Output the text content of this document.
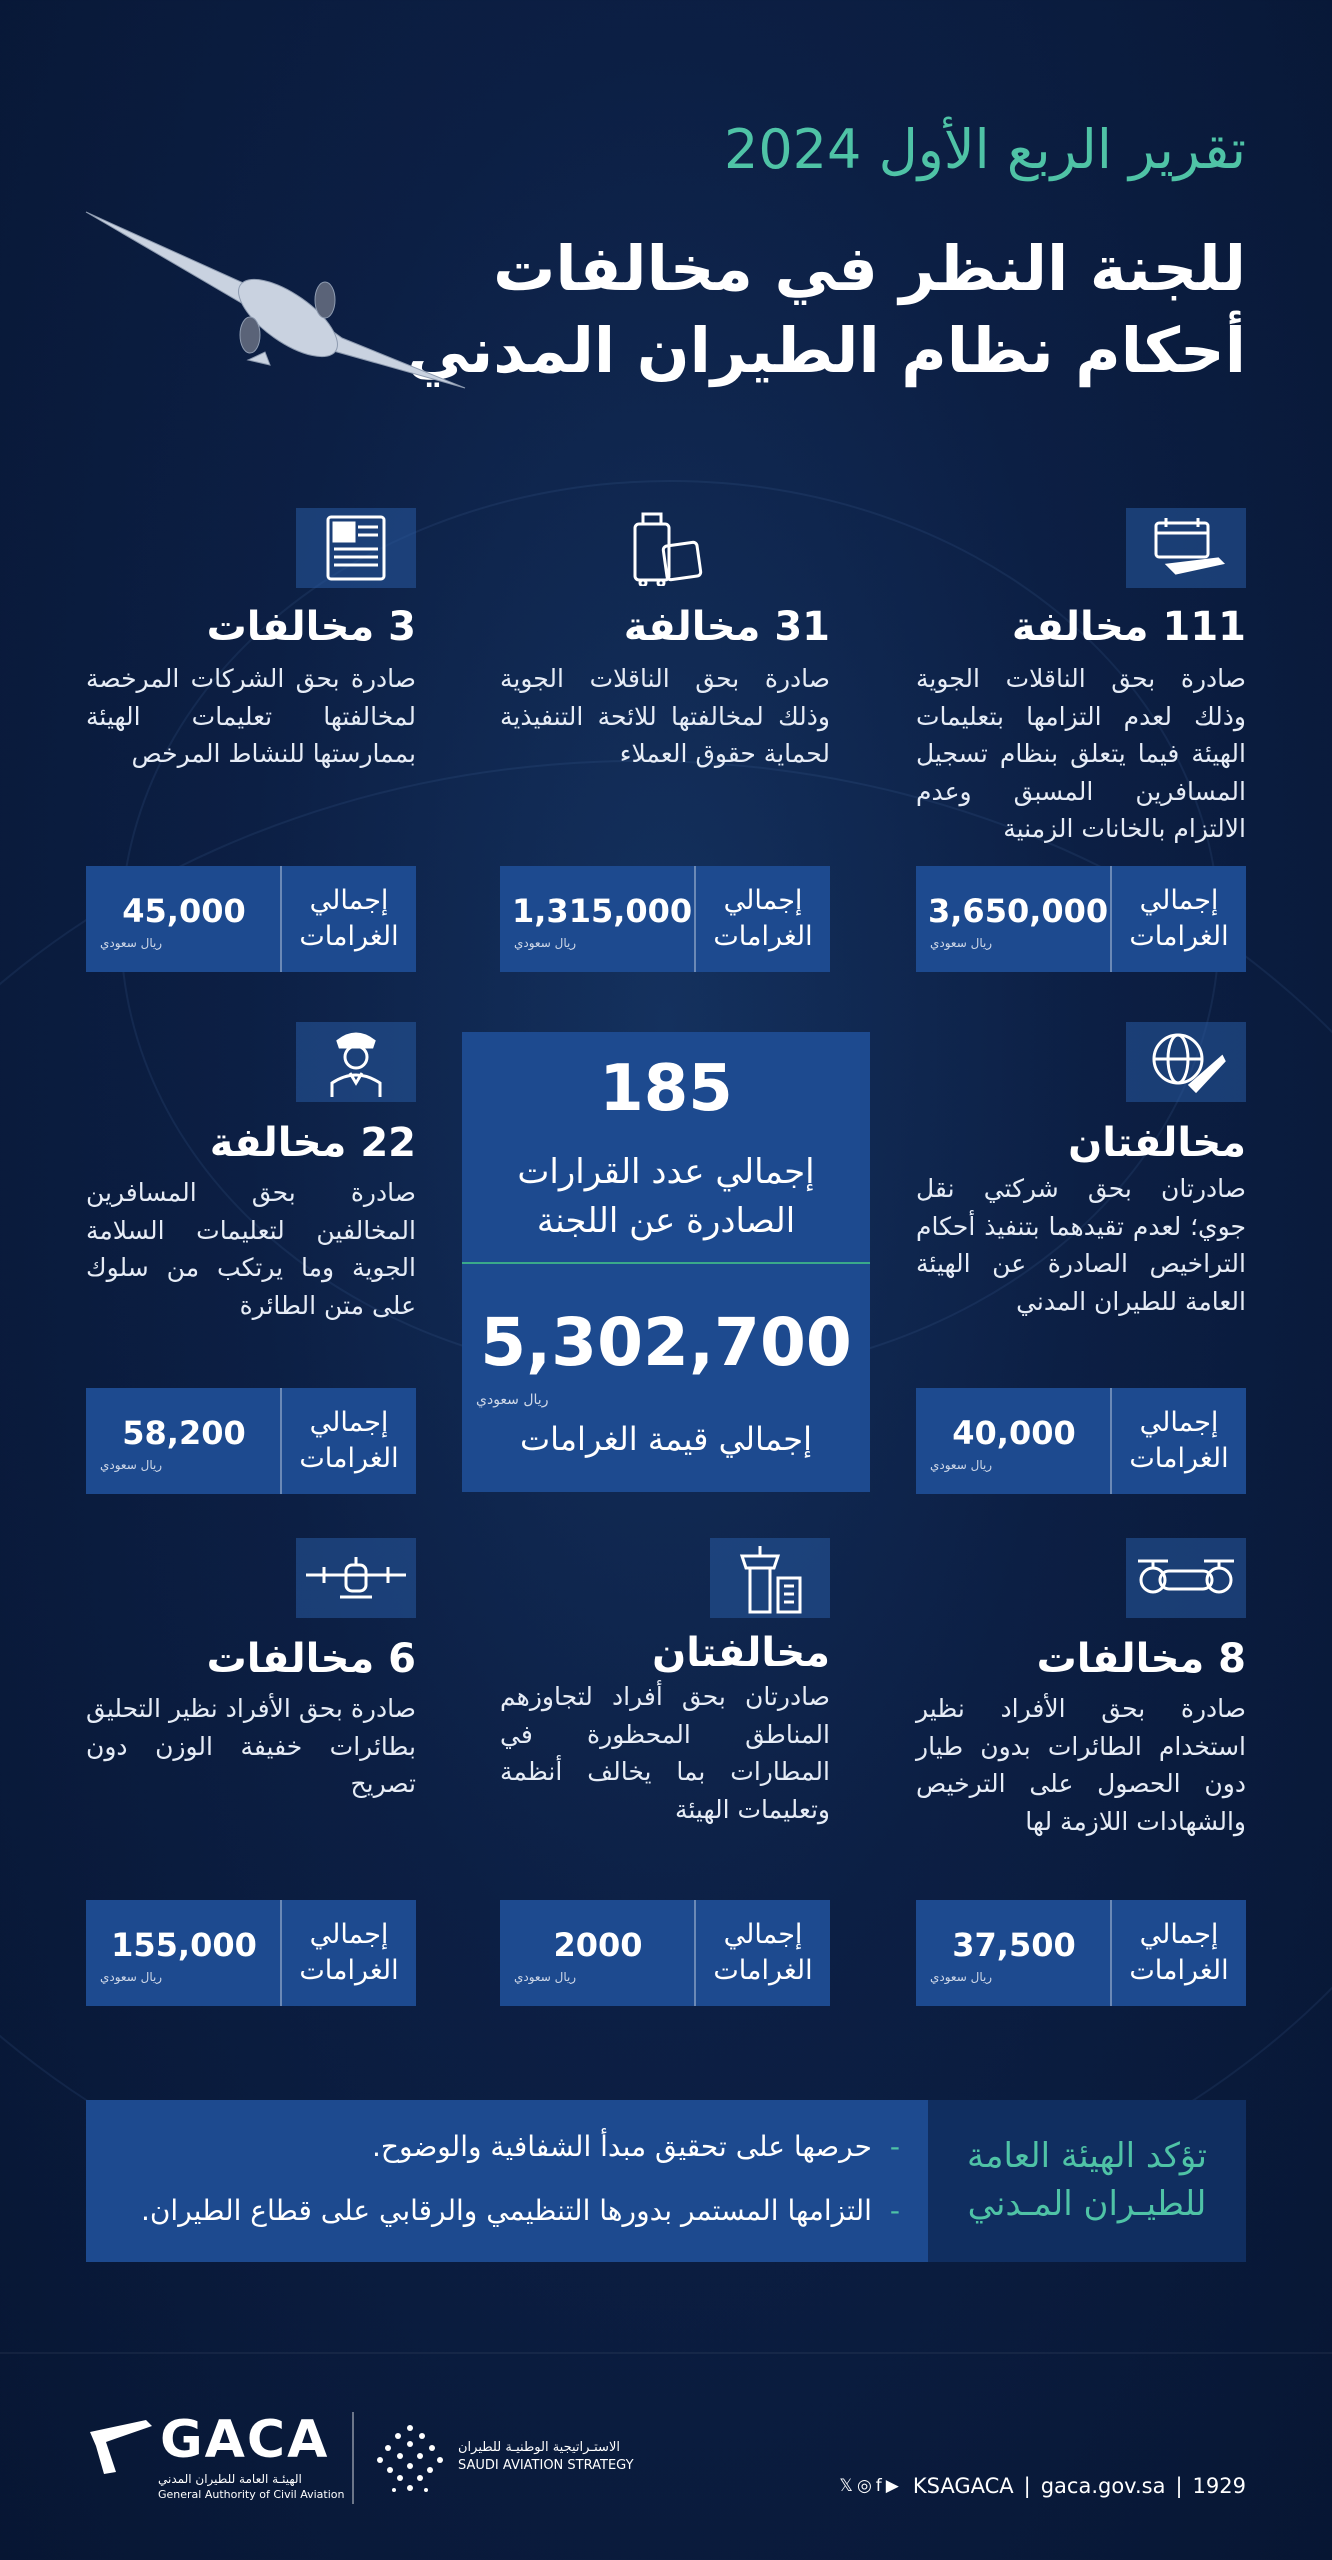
تقرير الربع الأول 2024
للجنة النظر في مخالفات
أحكام نظام الطيران المدني
111 مخالفة
صادرة بحق الناقلات الجوية وذلك لعدم التزامها بتعليمات الهيئة فيما يتعلق بنظام تسجيل المسافرين المسبق وعدم الالتزام بالخانات الزمنية
إجمالي
الغرامات
3,650,000
ريال سعودي
31 مخالفة
صادرة بحق الناقلات الجوية وذلك لمخالفتها للائحة التنفيذية لحماية حقوق العملاء
إجمالي
الغرامات
1,315,000
ريال سعودي
3 مخالفات
صادرة بحق الشركات المرخصة لمخالفتها تعليمات الهيئة بممارستها للنشاط المرخص
إجمالي
الغرامات
45,000
ريال سعودي
مخالفتان
صادرتان بحق شركتي نقل جوي؛ لعدم تقيدهما بتنفيذ أحكام التراخيص الصادرة عن الهيئة العامة للطيران المدني
إجمالي
الغرامات
40,000
ريال سعودي
185
إجمالي عدد القرارات
الصادرة عن اللجنة
5,302,700
ريال سعودي
إجمالي قيمة الغرامات
22 مخالفة
صادرة بحق المسافرين المخالفين لتعليمات السلامة الجوية وما يرتكب من سلوك على متن الطائرة
إجمالي
الغرامات
58,200
ريال سعودي
8 مخالفات
صادرة بحق الأفراد نظير استخدام الطائرات بدون طيار دون الحصول على الترخيص والشهادات اللازمة لها
إجمالي
الغرامات
37,500
ريال سعودي
مخالفتان
صادرتان بحق أفراد لتجاوزهم المناطق المحظورة في المطارات بما يخالف أنظمة وتعليمات الهيئة
إجمالي
الغرامات
2000
ريال سعودي
6 مخالفات
صادرة بحق الأفراد نظير التحليق بطائرات خفيفة الوزن دون تصريح
إجمالي
الغرامات
155,000
ريال سعودي
تؤكد الهيئة العامة
للطيـران المـدني
-حرصها على تحقيق مبدأ الشفافية والوضوح.
-التزامها المستمر بدورها التنظيمي والرقابي على قطاع الطيران.
GACA
الهيئـة العامة للطيران المدني
General Authority of Civil Aviation
الاستـراتيجية الوطنيـة للطيران
SAUDI AVIATION STRATEGY
𝕏◎f▶ KSAGACA | gaca.gov.sa | 1929
